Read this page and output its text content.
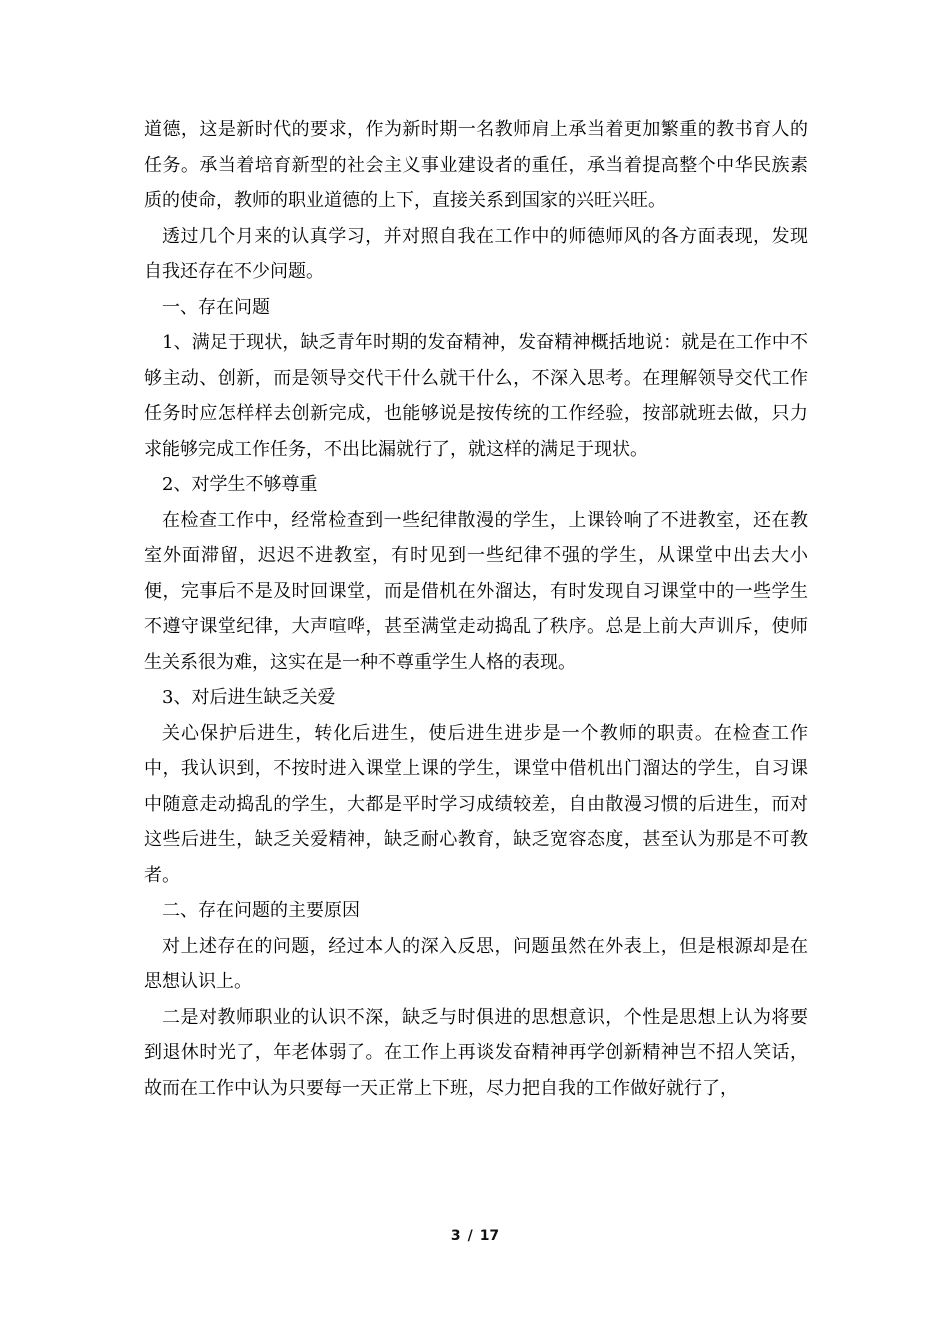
道德，这是新时代的要求，作为新时期一名教师肩上承当着更加繁重的教书育人的任务。承当着培育新型的社会主义事业建设者的重任，承当着提高整个中华民族素质的使命，教师的职业道德的上下，直接关系到国家的兴旺兴旺。

透过几个月来的认真学习，并对照自我在工作中的师德师风的各方面表现，发现自我还存在不少问题。

一、存在问题

1、满足于现状，缺乏青年时期的发奋精神，发奋精神概括地说：就是在工作中不够主动、创新，而是领导交代干什么就干什么，不深入思考。在理解领导交代工作任务时应怎样样去创新完成，也能够说是按传统的工作经验，按部就班去做，只力求能够完成工作任务，不出比漏就行了，就这样的满足于现状。

2、对学生不够尊重

在检查工作中，经常检查到一些纪律散漫的学生，上课铃响了不进教室，还在教室外面滞留，迟迟不进教室，有时见到一些纪律不强的学生，从课堂中出去大小便，完事后不是及时回课堂，而是借机在外溜达，有时发现自习课堂中的一些学生不遵守课堂纪律，大声喧哗，甚至满堂走动捣乱了秩序。总是上前大声训斥，使师生关系很为难，这实在是一种不尊重学生人格的表现。

3、对后进生缺乏关爱

关心保护后进生，转化后进生，使后进生进步是一个教师的职责。在检查工作中，我认识到，不按时进入课堂上课的学生，课堂中借机出门溜达的学生，自习课中随意走动捣乱的学生，大都是平时学习成绩较差，自由散漫习惯的后进生，而对这些后进生，缺乏关爱精神，缺乏耐心教育，缺乏宽容态度，甚至认为那是不可教者。

二、存在问题的主要原因

对上述存在的问题，经过本人的深入反思，问题虽然在外表上，但是根源却是在思想认识上。

二是对教师职业的认识不深，缺乏与时俱进的思想意识，个性是思想上认为将要到退休时光了，年老体弱了。在工作上再谈发奋精神再学创新精神岂不招人笑话，故而在工作中认为只要每一天正常上下班，尽力把自我的工作做好就行了，

3 / 17
